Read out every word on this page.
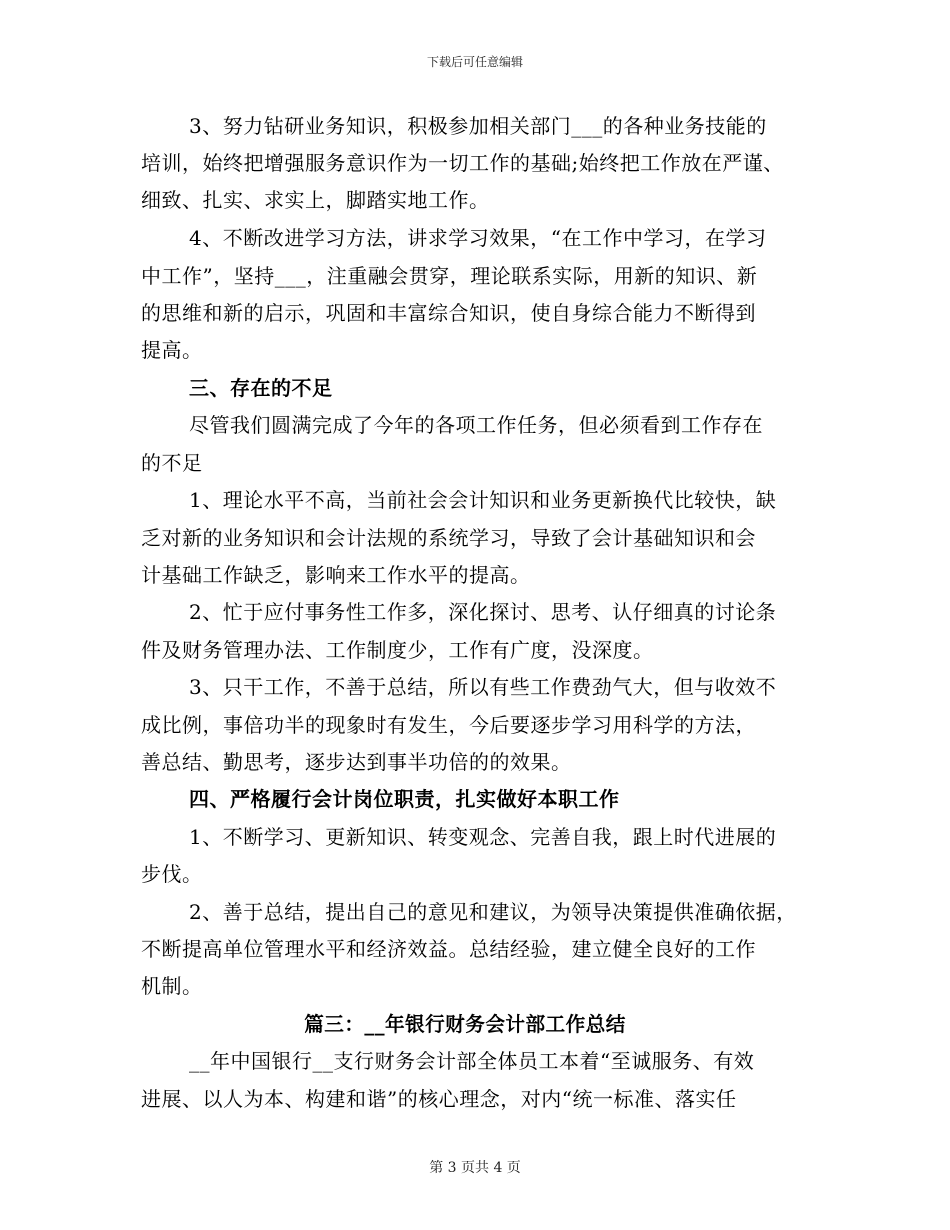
下载后可任意编辑
3、努力钻研业务知识，积极参加相关部门___的各种业务技能的
培训，始终把增强服务意识作为一切工作的基础;始终把工作放在严谨、
细致、扎实、求实上，脚踏实地工作。
4、不断改进学习方法，讲求学习效果，“在工作中学习，在学习
中工作”，坚持___，注重融会贯穿，理论联系实际，用新的知识、新
的思维和新的启示，巩固和丰富综合知识，使自身综合能力不断得到
提高。
三、存在的不足
尽管我们圆满完成了今年的各项工作任务，但必须看到工作存在
的不足
1、理论水平不高，当前社会会计知识和业务更新换代比较快，缺
乏对新的业务知识和会计法规的系统学习，导致了会计基础知识和会
计基础工作缺乏，影响来工作水平的提高。
2、忙于应付事务性工作多，深化探讨、思考、认仔细真的讨论条
件及财务管理办法、工作制度少，工作有广度，没深度。
3、只干工作，不善于总结，所以有些工作费劲气大，但与收效不
成比例，事倍功半的现象时有发生，今后要逐步学习用科学的方法，
善总结、勤思考，逐步达到事半功倍的的效果。
四、严格履行会计岗位职责，扎实做好本职工作
1、不断学习、更新知识、转变观念、完善自我，跟上时代进展的
步伐。
2、善于总结，提出自己的意见和建议，为领导决策提供准确依据，
不断提高单位管理水平和经济效益。总结经验，建立健全良好的工作
机制。
篇三：__年银行财务会计部工作总结
__年中国银行__支行财务会计部全体员工本着“至诚服务、有效
进展、以人为本、构建和谐”的核心理念，对内“统一标准、落实任
第 3 页共 4 页
